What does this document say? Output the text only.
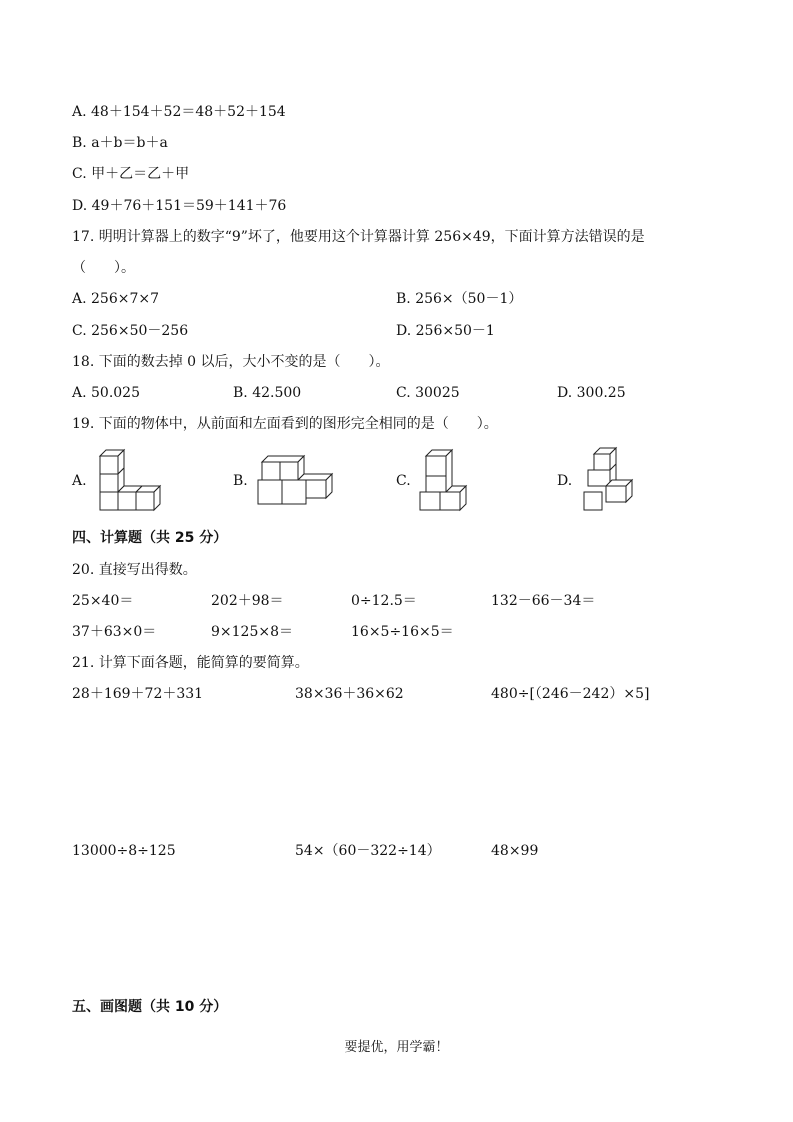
A. 48＋154＋52＝48＋52＋154
B. a＋b＝b＋a
C. 甲＋乙＝乙＋甲
D. 49＋76＋151＝59＋141＋76
17. 明明计算器上的数字“9”坏了，他要用这个计算器计算 256×49，下面计算方法错误的是
（　　）。
A. 256×7×7	B. 256×（50－1）
C. 256×50－256	D. 256×50－1
18. 下面的数去掉 0 以后，大小不变的是（　　）。
A. 50.025	B. 42.500	C. 30025	D. 300.25
19. 下面的物体中，从前面和左面看到的图形完全相同的是（　　）。
A.	B.	C.	D.
四、计算题（共 25 分）
20. 直接写出得数。
25×40＝	202＋98＝	0÷12.5＝	132－66－34＝
37＋63×0＝	9×125×8＝	16×5÷16×5＝
21. 计算下面各题，能简算的要简算。
28＋169＋72＋331	38×36＋36×62	480÷[（246－242）×5]
13000÷8÷125	54×（60－322÷14）	48×99
五、画图题（共 10 分）
要提优，用学霸！
